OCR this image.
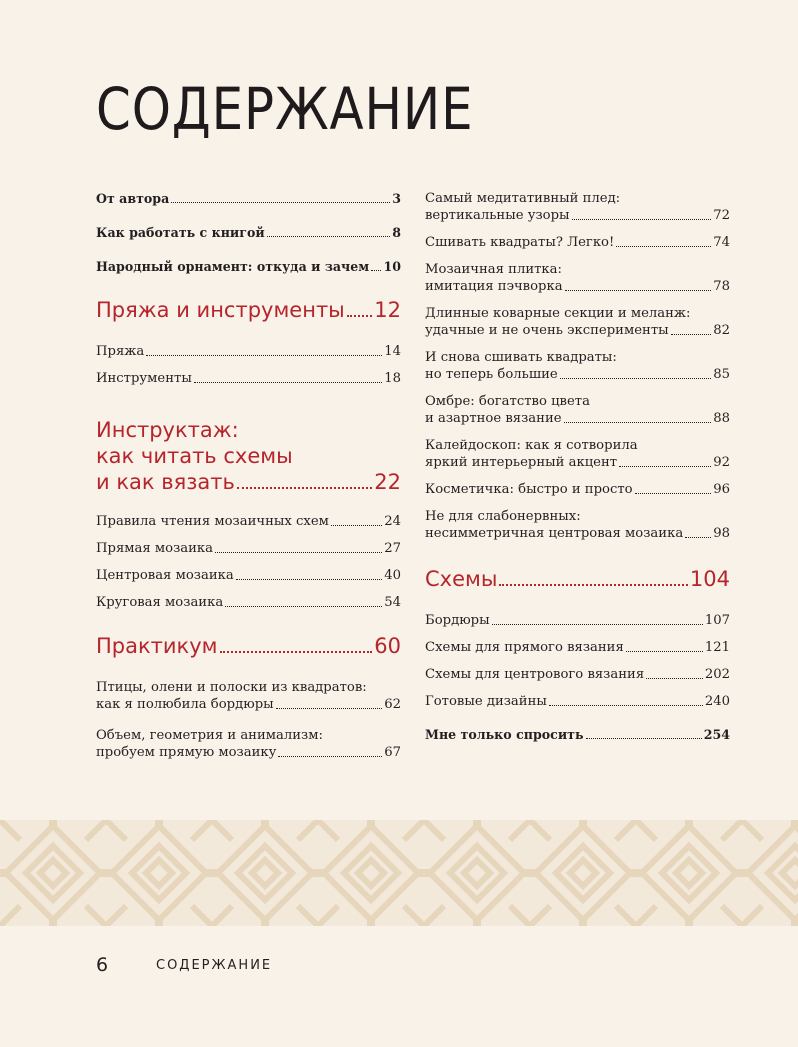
СОДЕРЖАНИЕ
От автора	3
Как работать с книгой	8
Народный орнамент: откуда и зачем 10
Пряжа и инструменты 12
Пряжа	14
Инструменты	18
Инструктаж:
как читать схемы
и как вязать	22
Правила чтения мозаичных схем	24
Прямая мозаика	27
Центровая мозаика	40
Круговая мозаика	54
Практикум	60
Птицы, олени и полоски из квадратов:
как я полюбила бордюры	62
Объем, геометрия и анимализм:
пробуем прямую мозаику	67
Самый медитативный плед:
вертикальные узоры	72
Сшивать квадраты? Легко!	74
Мозаичная плитка:
имитация пэчворка	78
Длинные коварные секции и меланж:
удачные и не очень эксперименты	82
И снова сшивать квадраты:
но теперь большие	85
Омбре: богатство цвета
и азартное вязание	88
Калейдоскоп: как я сотворила
яркий интерьерный акцент	92
Косметичка: быстро и просто	96
Не для слабонервных:
несимметричная центровая мозаика 98
Схемы	104
Бордюры	107
Схемы для прямого вязания	121
Схемы для центрового вязания	202
Готовые дизайны	240
Мне только спросить	254
6	СОДЕРЖАНИЕ
